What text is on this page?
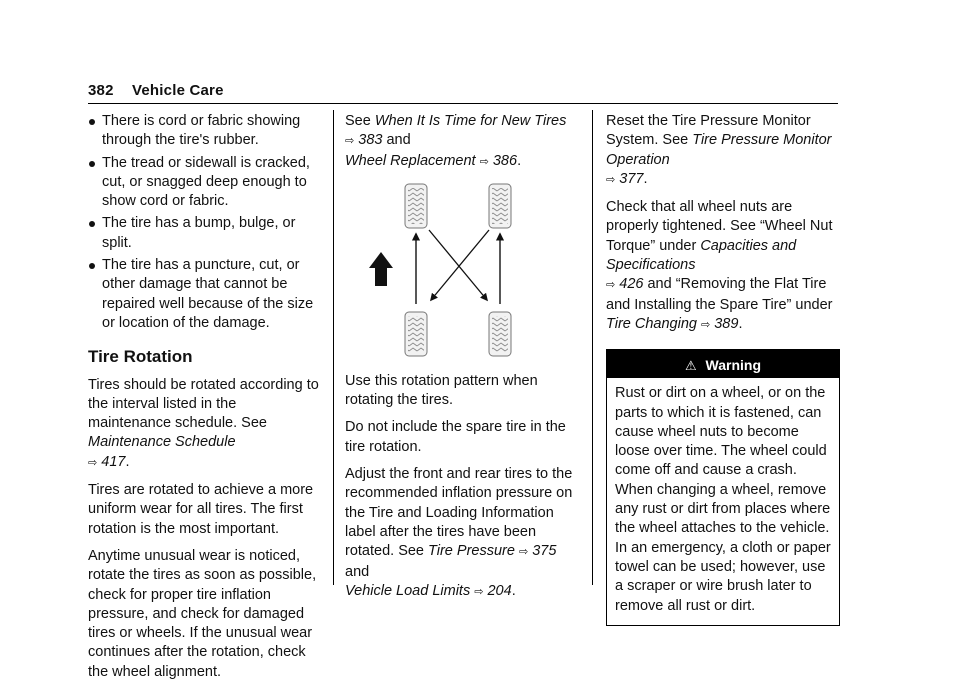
382 Vehicle Care
There is cord or fabric showing through the tire's rubber.
The tread or sidewall is cracked, cut, or snagged deep enough to show cord or fabric.
The tire has a bump, bulge, or split.
The tire has a puncture, cut, or other damage that cannot be repaired well because of the size or location of the damage.
Tire Rotation

Tires should be rotated according to the interval listed in the maintenance schedule. See Maintenance Schedule
⇨ 417.

Tires are rotated to achieve a more uniform wear for all tires. The first rotation is the most important.

Anytime unusual wear is noticed, rotate the tires as soon as possible, check for proper tire inflation pressure, and check for damaged tires or wheels. If the unusual wear continues after the rotation, check the wheel alignment.

See When It Is Time for New Tires
⇨ 383 and
Wheel Replacement ⇨ 386.

Use this rotation pattern when rotating the tires.

Do not include the spare tire in the tire rotation.

Adjust the front and rear tires to the recommended inflation pressure on the Tire and Loading Information label after the tires have been rotated. See Tire Pressure ⇨ 375 and
Vehicle Load Limits ⇨ 204.

Reset the Tire Pressure Monitor System. See Tire Pressure Monitor Operation
⇨ 377.

Check that all wheel nuts are properly tightened. See “Wheel Nut Torque” under Capacities and Specifications
⇨ 426 and “Removing the Flat Tire and Installing the Spare Tire” under Tire Changing ⇨ 389.

⚠ Warning
Rust or dirt on a wheel, or on the parts to which it is fastened, can cause wheel nuts to become loose over time. The wheel could come off and cause a crash. When changing a wheel, remove any rust or dirt from places where the wheel attaches to the vehicle. In an emergency, a cloth or paper towel can be used; however, use a scraper or wire brush later to remove all rust or dirt.
